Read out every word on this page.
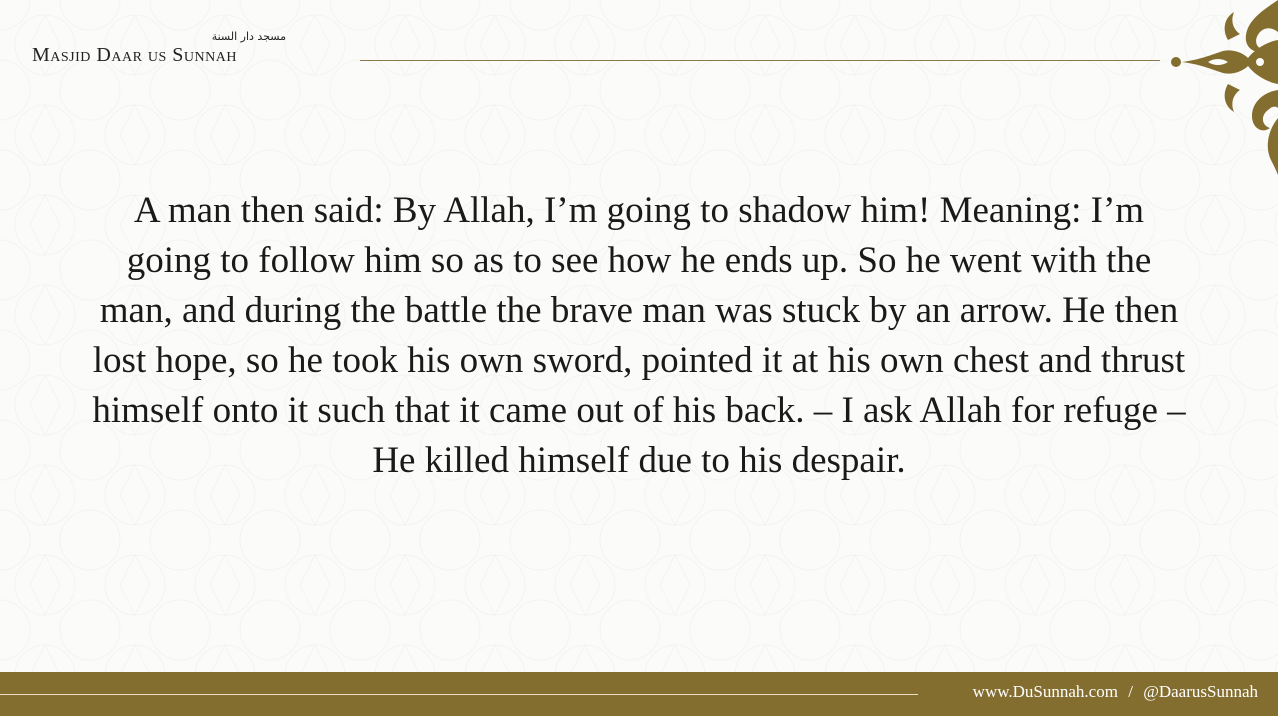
مسجد دار السنة
Masjid Daar us Sunnah

A man then said: By Allah, I’m going to shadow him! Meaning: I’m going to follow him so as to see how he ends up. So he went with the man, and during the battle the brave man was stuck by an arrow. He then lost hope, so he took his own sword, pointed it at his own chest and thrust himself onto it such that it came out of his back. – I ask Allah for refuge – He killed himself due to his despair.

www.DuSunnah.com / @DaarusSunnah
